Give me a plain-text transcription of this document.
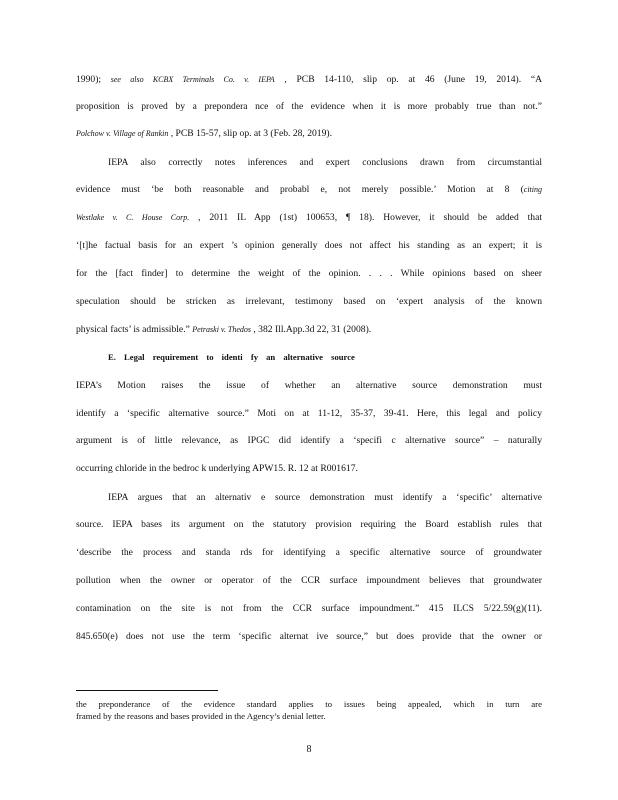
1990); see also KCBX Terminals Co. v. IEPA , PCB 14-110, slip op. at 46 (June 19, 2014). “A
proposition is proved by a prepondera nce of the evidence when it is more probably true than not.”
Polchow v. Village of Rankin , PCB 15-57, slip op. at 3 (Feb. 28, 2019).
IEPA also correctly notes inferences and expert conclusions drawn from circumstantial
evidence must ‘be both reasonable and probabl e, not merely possible.’ Motion at 8 (citing
Westlake v. C. House Corp. , 2011 IL App (1st) 100653, ¶ 18). However, it should be added that
‘[t]he factual basis for an expert ’s opinion generally does not affect his standing as an expert; it is
for the [fact finder] to determine the weight of the opinion. . . . While opinions based on sheer
speculation should be stricken as irrelevant, testimony based on ‘expert analysis of the known
physical facts’ is admissible.” Petraski v. Thedos , 382 Ill.App.3d 22, 31 (2008).
E. Legal requirement to identi fy an alternative source
IEPA’s Motion raises the issue of whether an alternative source demonstration must
identify a ‘specific alternative source.” Moti on at 11-12, 35-37, 39-41. Here, this legal and policy
argument is of little relevance, as IPGC did identify a ‘specifi c alternative source” – naturally
occurring chloride in the bedroc k underlying APW15. R. 12 at R001617.
IEPA argues that an alternativ e source demonstration must identify a ‘specific’ alternative
source. IEPA bases its argument on the statutory provision requiring the Board establish rules that
‘describe the process and standa rds for identifying a specific alternative source of groundwater
pollution when the owner or operator of the CCR surface impoundment believes that groundwater
contamination on the site is not from the CCR surface impoundment.” 415 ILCS 5/22.59(g)(11).
845.650(e) does not use the term ‘specific alternat ive source,” but does provide that the owner or
the preponderance of the evidence standard applies to issues being appealed, which in turn are
framed by the reasons and bases provided in the Agency’s denial letter.
8
